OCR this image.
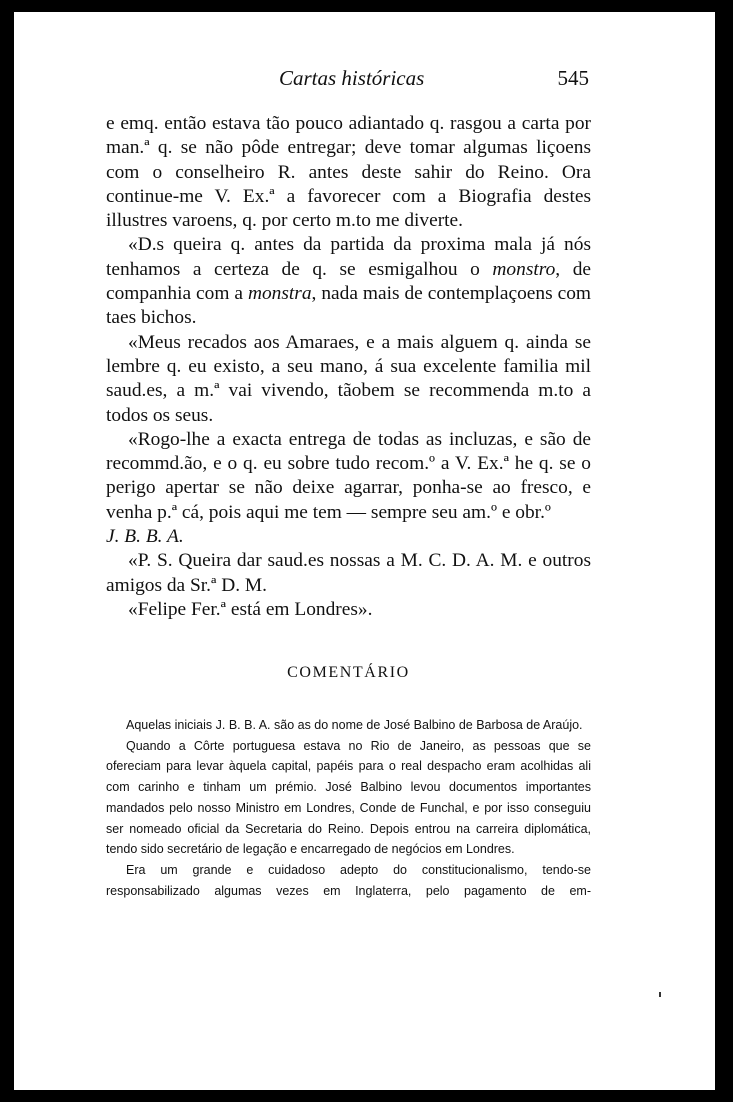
Cartas históricas	545

e emq. então estava tão pouco adiantado q. rasgou a carta por man.ª q. se não pôde entregar; deve tomar algumas liçoens com o conselheiro R. antes deste sahir do Reino. Ora continue-me V. Ex.ª a favorecer com a Biografia destes illustres varoens, q. por certo m.to me diverte.

«D.s queira q. antes da partida da proxima mala já nós tenhamos a certeza de q. se esmigalhou o monstro, de companhia com a monstra, nada mais de contemplaçoens com taes bichos.

«Meus recados aos Amaraes, e a mais alguem q. ainda se lembre q. eu existo, a seu mano, á sua excelente familia mil saud.es, a m.ª vai vivendo, tãobem se recommenda m.to a todos os seus.

«Rogo-lhe a exacta entrega de todas as incluzas, e são de recommd.ão, e o q. eu sobre tudo recom.º a V. Ex.ª he q. se o perigo apertar se não deixe agarrar, ponha-se ao fresco, e venha p.ª cá, pois aqui me tem — sempre seu am.º e obr.º

J. B. B. A.

«P. S. Queira dar saud.es nossas a M. C. D. A. M. e outros amigos da Sr.ª D. M.

«Felipe Fer.ª está em Londres».

COMENTÁRIO

Aquelas iniciais J. B. B. A. são as do nome de José Balbino de Barbosa de Araújo.

Quando a Côrte portuguesa estava no Rio de Janeiro, as pessoas que se ofereciam para levar àquela capital, papéis para o real despacho eram acolhidas ali com carinho e tinham um prémio. José Balbino levou documentos importantes mandados pelo nosso Ministro em Londres, Conde de Funchal, e por isso conseguiu ser nomeado oficial da Secretaria do Reino. Depois entrou na carreira diplomática, tendo sido secretário de legação e encarregado de negócios em Londres.

Era um grande e cuidadoso adepto do constitucionalismo, tendo-se responsabilizado algumas vezes em Inglaterra, pelo pagamento de em-
